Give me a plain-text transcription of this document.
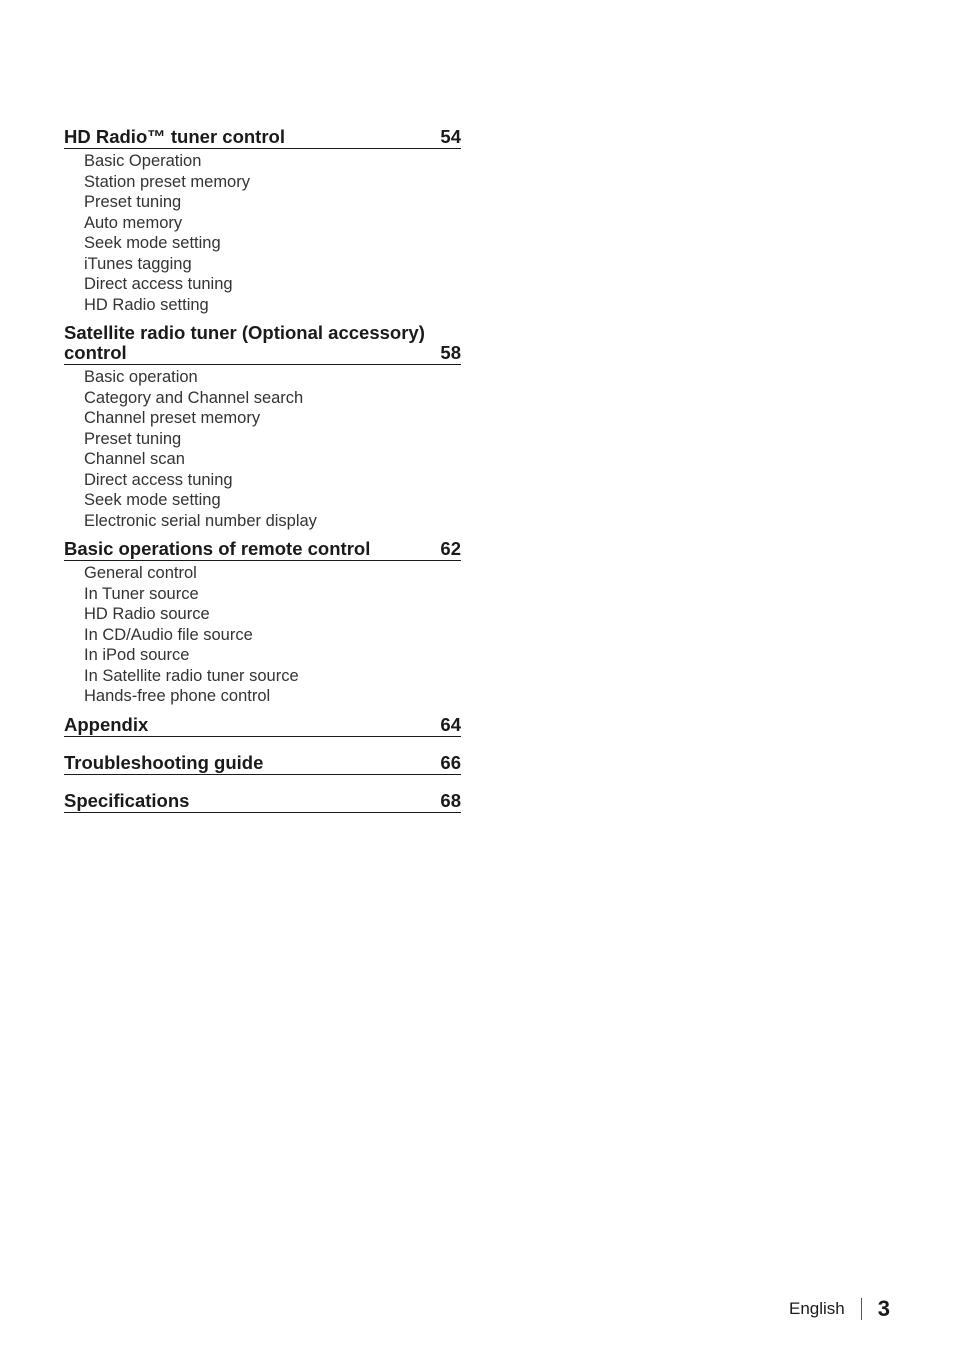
HD Radio™ tuner control	54
Basic Operation
Station preset memory
Preset tuning
Auto memory
Seek mode setting
iTunes tagging
Direct access tuning
HD Radio setting
Satellite radio tuner (Optional accessory) control	58
Basic operation
Category and Channel search
Channel preset memory
Preset tuning
Channel scan
Direct access tuning
Seek mode setting
Electronic serial number display
Basic operations of remote control	62
General control
In Tuner source
HD Radio source
In CD/Audio file source
In iPod source
In Satellite radio tuner source
Hands-free phone control
Appendix	64
Troubleshooting guide	66
Specifications	68
English 3
